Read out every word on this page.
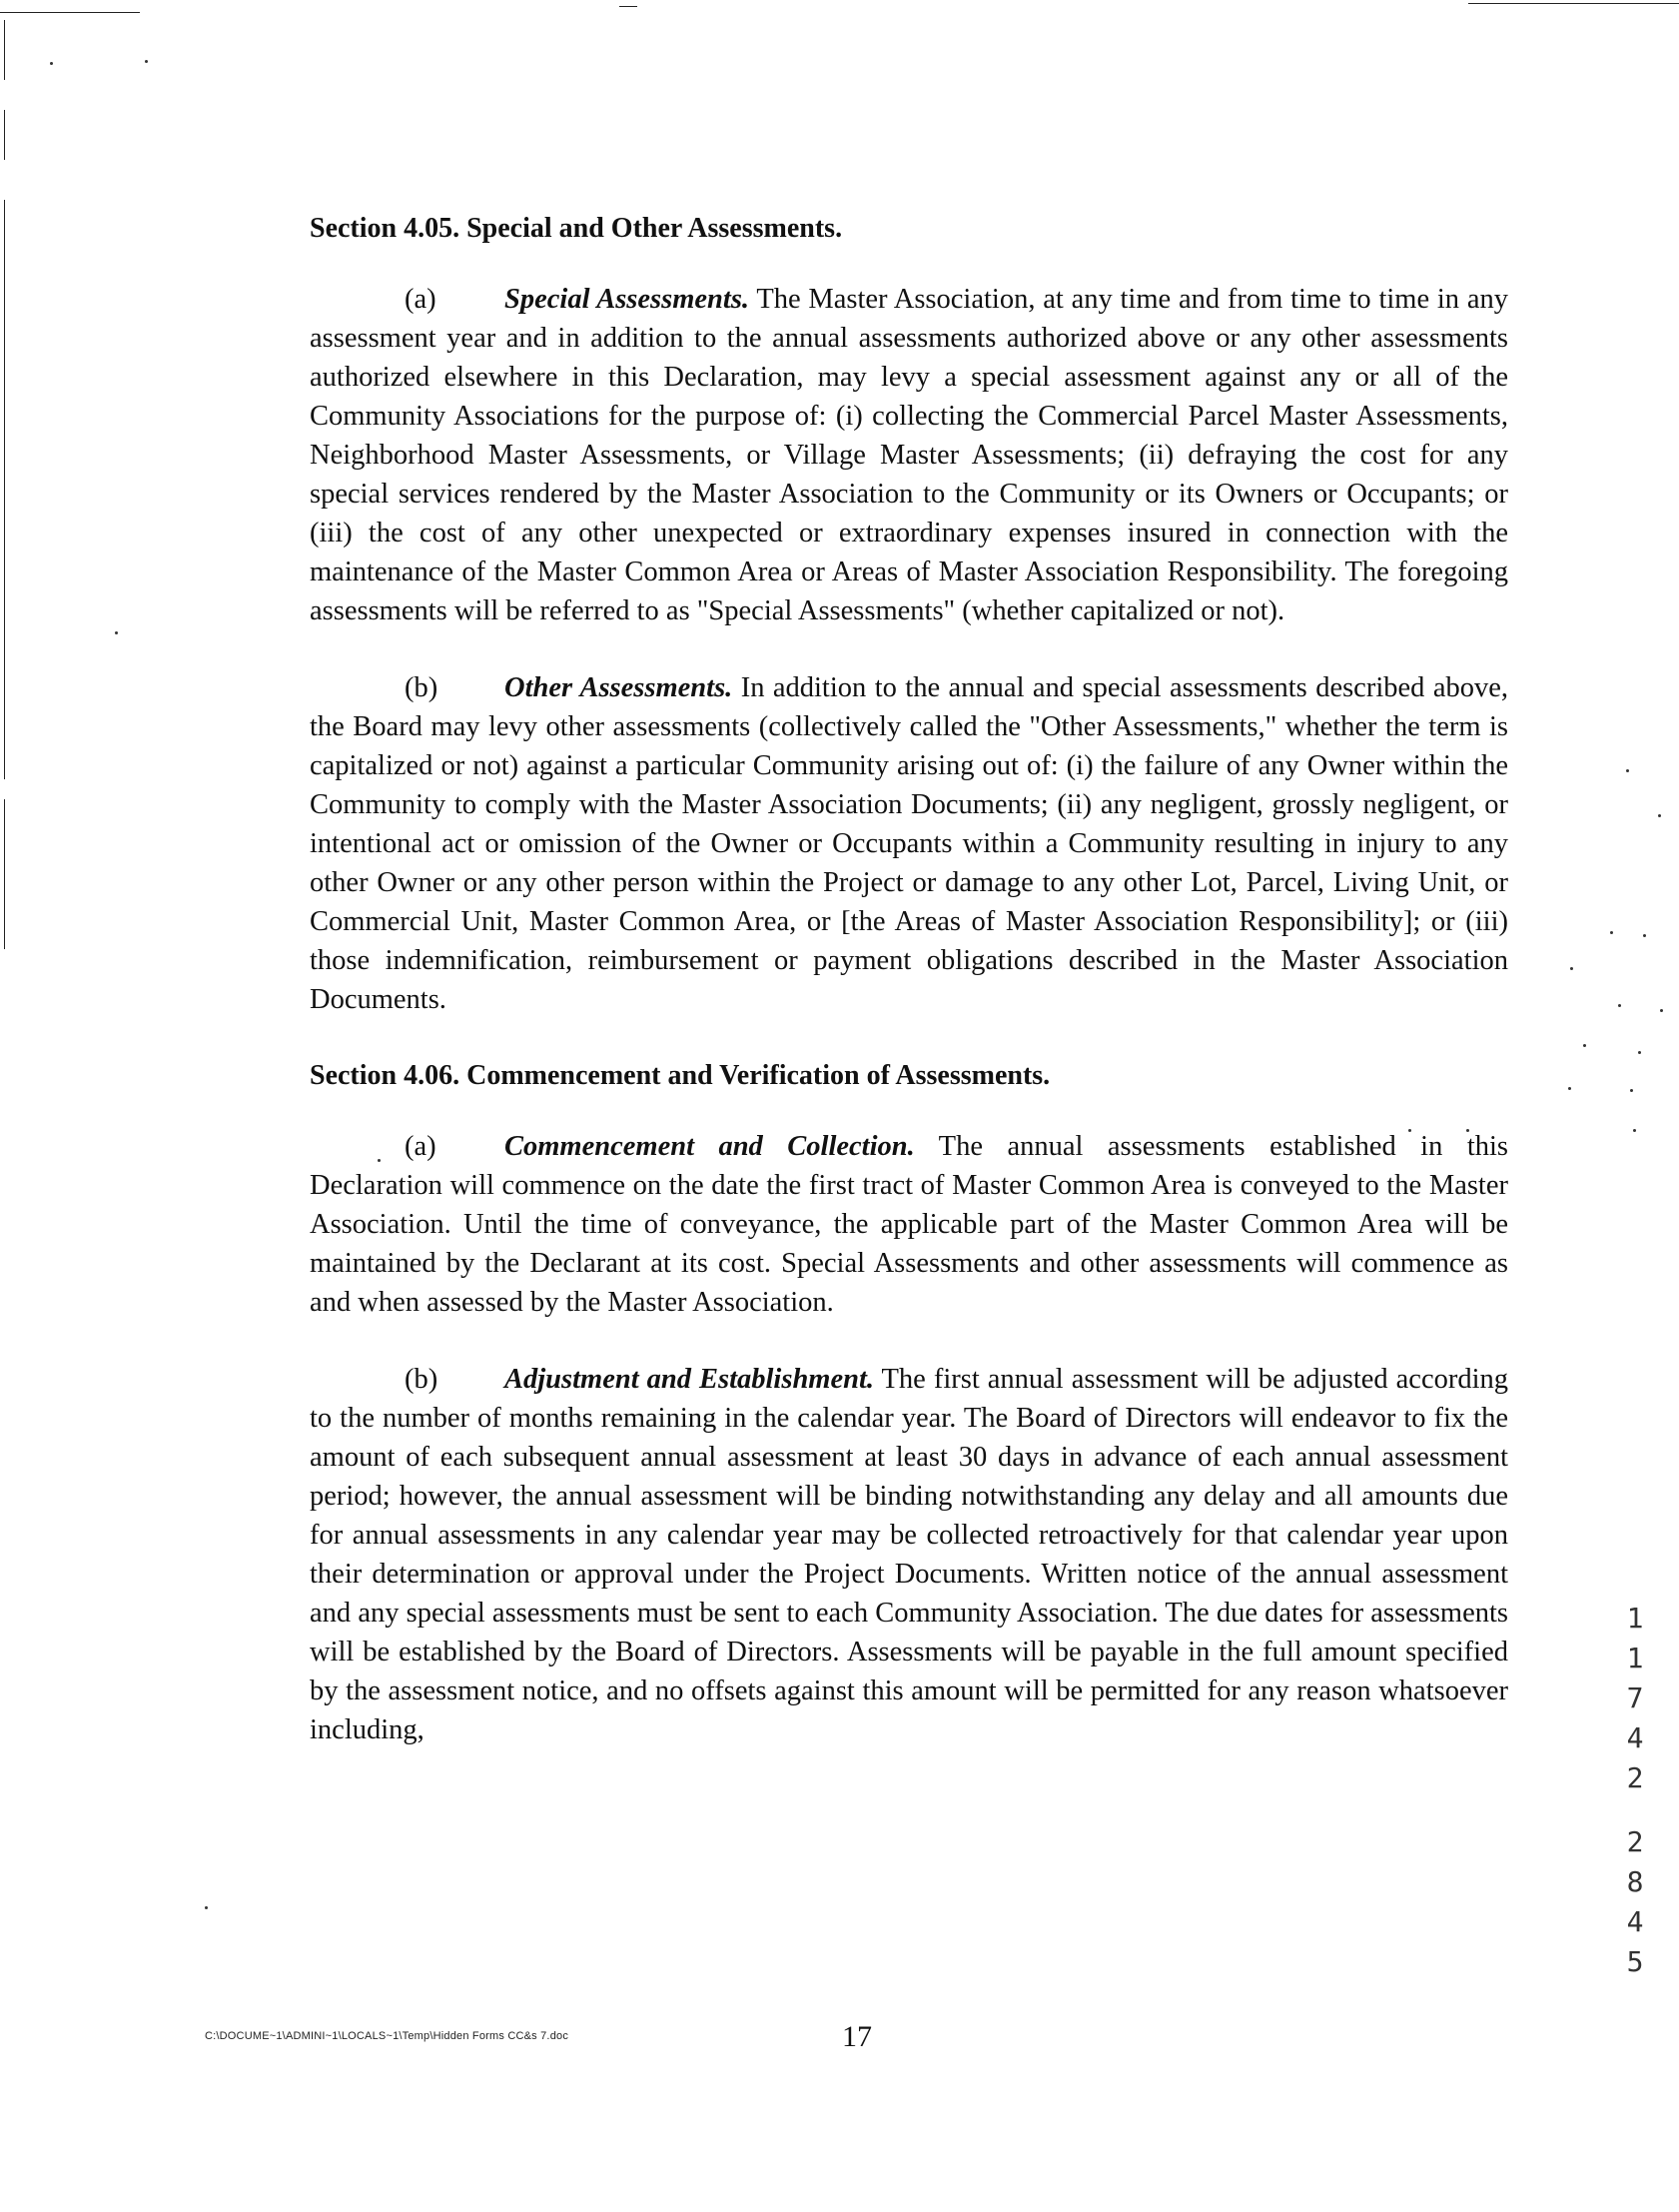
Section 4.05. Special and Other Assessments.

(a) Special Assessments. The Master Association, at any time and from time to time in any assessment year and in addition to the annual assessments authorized above or any other assessments authorized elsewhere in this Declaration, may levy a special assessment against any or all of the Community Associations for the purpose of: (i) collecting the Commercial Parcel Master Assessments, Neighborhood Master Assessments, or Village Master Assessments; (ii) defraying the cost for any special services rendered by the Master Association to the Community or its Owners or Occupants; or (iii) the cost of any other unexpected or extraordinary expenses insured in connection with the maintenance of the Master Common Area or Areas of Master Association Responsibility. The foregoing assessments will be referred to as "Special Assessments" (whether capitalized or not).

(b) Other Assessments. In addition to the annual and special assessments described above, the Board may levy other assessments (collectively called the "Other Assessments," whether the term is capitalized or not) against a particular Community arising out of: (i) the failure of any Owner within the Community to comply with the Master Association Documents; (ii) any negligent, grossly negligent, or intentional act or omission of the Owner or Occupants within a Community resulting in injury to any other Owner or any other person within the Project or damage to any other Lot, Parcel, Living Unit, or Commercial Unit, Master Common Area, or [the Areas of Master Association Responsibility]; or (iii) those indemnification, reimbursement or payment obligations described in the Master Association Documents.

Section 4.06. Commencement and Verification of Assessments.

(a) Commencement and Collection. The annual assessments established in this Declaration will commence on the date the first tract of Master Common Area is conveyed to the Master Association. Until the time of conveyance, the applicable part of the Master Common Area will be maintained by the Declarant at its cost. Special Assessments and other assessments will commence as and when assessed by the Master Association.

(b) Adjustment and Establishment. The first annual assessment will be adjusted according to the number of months remaining in the calendar year. The Board of Directors will endeavor to fix the amount of each subsequent annual assessment at least 30 days in advance of each annual assessment period; however, the annual assessment will be binding notwithstanding any delay and all amounts due for annual assessments in any calendar year may be collected retroactively for that calendar year upon their determination or approval under the Project Documents. Written notice of the annual assessment and any special assessments must be sent to each Community Association. The due dates for assessments will be established by the Board of Directors. Assessments will be payable in the full amount specified by the assessment notice, and no offsets against this amount will be permitted for any reason whatsoever including,

1
1
7
4
2
2
8
4
5
C:\DOCUME~1\ADMINI~1\LOCALS~1\Temp\Hidden Forms CC&s 7.doc	17
